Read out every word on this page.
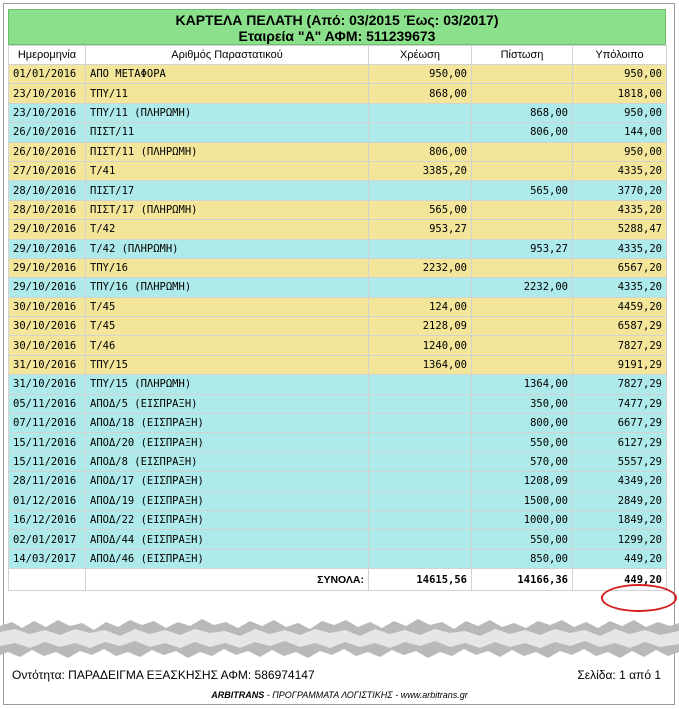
ΚΑΡΤΕΛΑ ΠΕΛΑΤΗ (Από: 03/2015 Έως: 03/2017)
Εταιρεία "Α" ΑΦΜ: 511239673
Ημερομηνία	Αριθμός Παραστατικού	Χρέωση	Πίστωση	Υπόλοιπο
01/01/2016	ΑΠΟ ΜΕΤΑΦΟΡΑ	950,00		950,00
23/10/2016	ΤΠΥ/11	868,00		1818,00
23/10/2016	ΤΠΥ/11 (ΠΛΗΡΩΜΗ)		868,00	950,00
26/10/2016	ΠΙΣΤ/11		806,00	144,00
26/10/2016	ΠΙΣΤ/11 (ΠΛΗΡΩΜΗ)	806,00		950,00
27/10/2016	Τ/41	3385,20		4335,20
28/10/2016	ΠΙΣΤ/17		565,00	3770,20
28/10/2016	ΠΙΣΤ/17 (ΠΛΗΡΩΜΗ)	565,00		4335,20
29/10/2016	Τ/42	953,27		5288,47
29/10/2016	Τ/42 (ΠΛΗΡΩΜΗ)		953,27	4335,20
29/10/2016	ΤΠΥ/16	2232,00		6567,20
29/10/2016	ΤΠΥ/16 (ΠΛΗΡΩΜΗ)		2232,00	4335,20
30/10/2016	Τ/45	124,00		4459,20
30/10/2016	Τ/45	2128,09		6587,29
30/10/2016	Τ/46	1240,00		7827,29
31/10/2016	ΤΠΥ/15	1364,00		9191,29
31/10/2016	ΤΠΥ/15 (ΠΛΗΡΩΜΗ)		1364,00	7827,29
05/11/2016	ΑΠΟΔ/5 (ΕΙΣΠΡΑΞΗ)		350,00	7477,29
07/11/2016	ΑΠΟΔ/18 (ΕΙΣΠΡΑΞΗ)		800,00	6677,29
15/11/2016	ΑΠΟΔ/20 (ΕΙΣΠΡΑΞΗ)		550,00	6127,29
15/11/2016	ΑΠΟΔ/8 (ΕΙΣΠΡΑΞΗ)		570,00	5557,29
28/11/2016	ΑΠΟΔ/17 (ΕΙΣΠΡΑΞΗ)		1208,09	4349,20
01/12/2016	ΑΠΟΔ/19 (ΕΙΣΠΡΑΞΗ)		1500,00	2849,20
16/12/2016	ΑΠΟΔ/22 (ΕΙΣΠΡΑΞΗ)		1000,00	1849,20
02/01/2017	ΑΠΟΔ/44 (ΕΙΣΠΡΑΞΗ)		550,00	1299,20
14/03/2017	ΑΠΟΔ/46 (ΕΙΣΠΡΑΞΗ)		850,00	449,20
	ΣΥΝΟΛΑ:	14615,56	14166,36	449,20
Οντότητα: ΠΑΡΑΔΕΙΓΜΑ ΕΞΑΣΚΗΣΗΣ ΑΦΜ: 586974147	Σελίδα: 1 από 1
ARBITRANS - ΠΡΟΓΡΑΜΜΑΤΑ ΛΟΓΙΣΤΙΚΗΣ - www.arbitrans.gr
